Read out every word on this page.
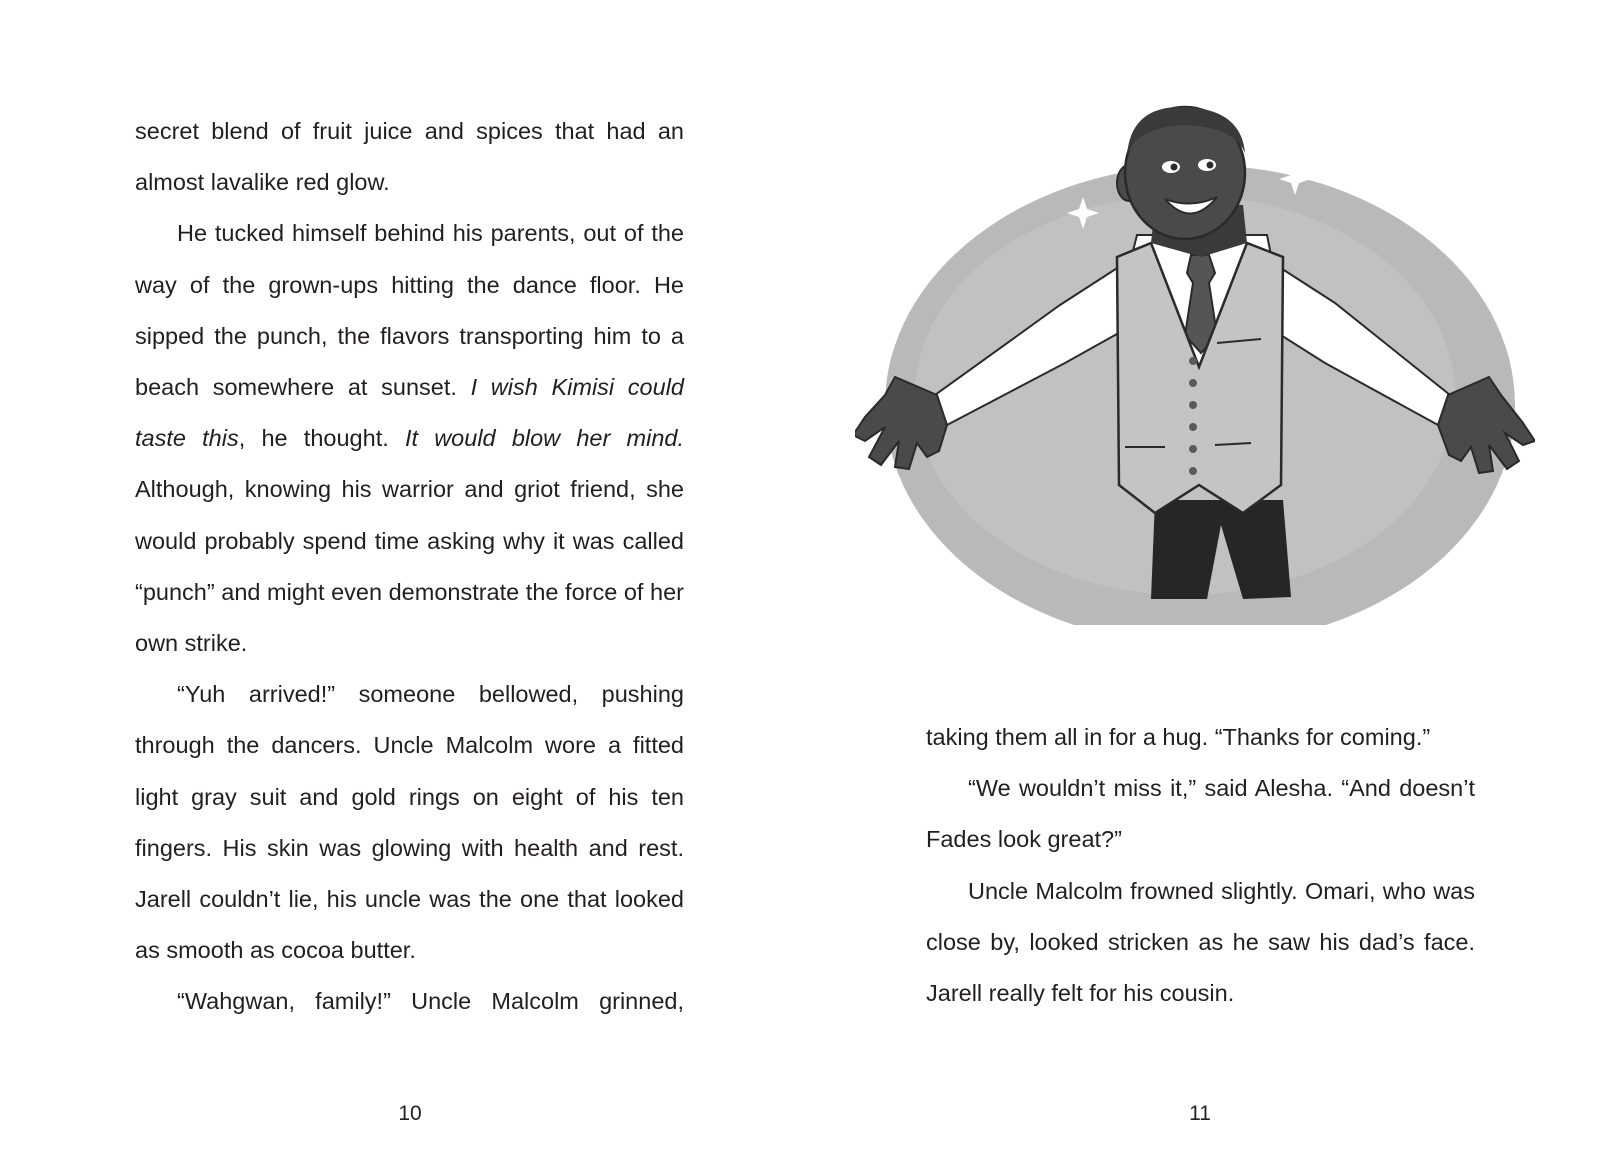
secret blend of fruit juice and spices that had an almost lavalike red glow.

He tucked himself behind his parents, out of the way of the grown-ups hitting the dance floor. He sipped the punch, the flavors transporting him to a beach somewhere at sunset. I wish Kimisi could taste this, he thought. It would blow her mind. Although, knowing his warrior and griot friend, she would probably spend time asking why it was called “punch” and might even demonstrate the force of her own strike.

“Yuh arrived!” someone bellowed, pushing through the dancers. Uncle Malcolm wore a fitted light gray suit and gold rings on eight of his ten fingers. His skin was glowing with health and rest. Jarell couldn’t lie, his uncle was the one that looked as smooth as cocoa butter.

“Wahgwan, family!” Uncle Malcolm grinned,

10

taking them all in for a hug. “Thanks for coming.”

“We wouldn’t miss it,” said Alesha. “And doesn’t Fades look great?”

Uncle Malcolm frowned slightly. Omari, who was close by, looked stricken as he saw his dad’s face. Jarell really felt for his cousin.

11
